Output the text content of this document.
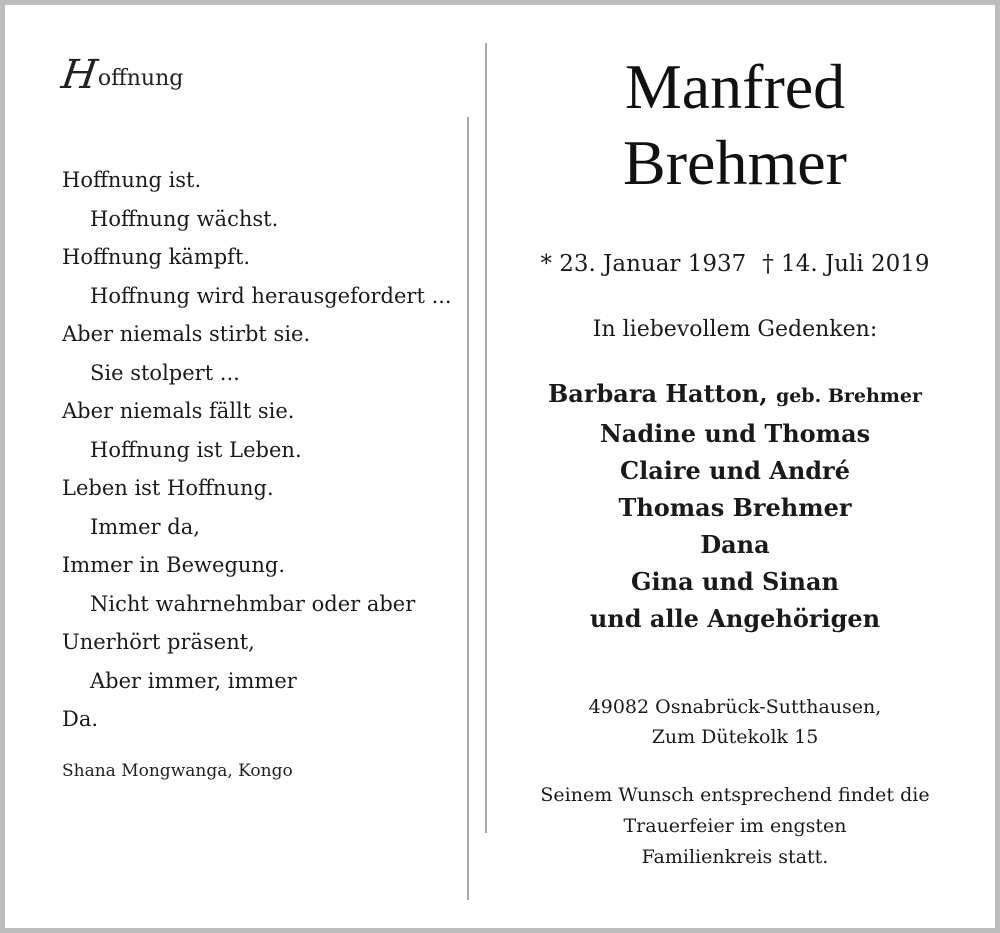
H
offnung
Hoffnung ist.
Hoffnung wächst.
Hoffnung kämpft.
Hoffnung wird herausgefordert ...
Aber niemals stirbt sie.
Sie stolpert ...
Aber niemals fällt sie.
Hoffnung ist Leben.
Leben ist Hoffnung.
Immer da,
Immer in Bewegung.
Nicht wahrnehmbar oder aber
Unerhört präsent,
Aber immer, immer
Da.
Shana Mongwanga, Kongo
Manfred
Brehmer
* 23. Januar 1937 † 14. Juli 2019
In liebevollem Gedenken:
Barbara Hatton, geb. Brehmer
Nadine und Thomas
Claire und André
Thomas Brehmer
Dana
Gina und Sinan
und alle Angehörigen
49082 Osnabrück-Sutthausen,
Zum Dütekolk 15
Seinem Wunsch entsprechend findet die
Trauerfeier im engsten
Familienkreis statt.
